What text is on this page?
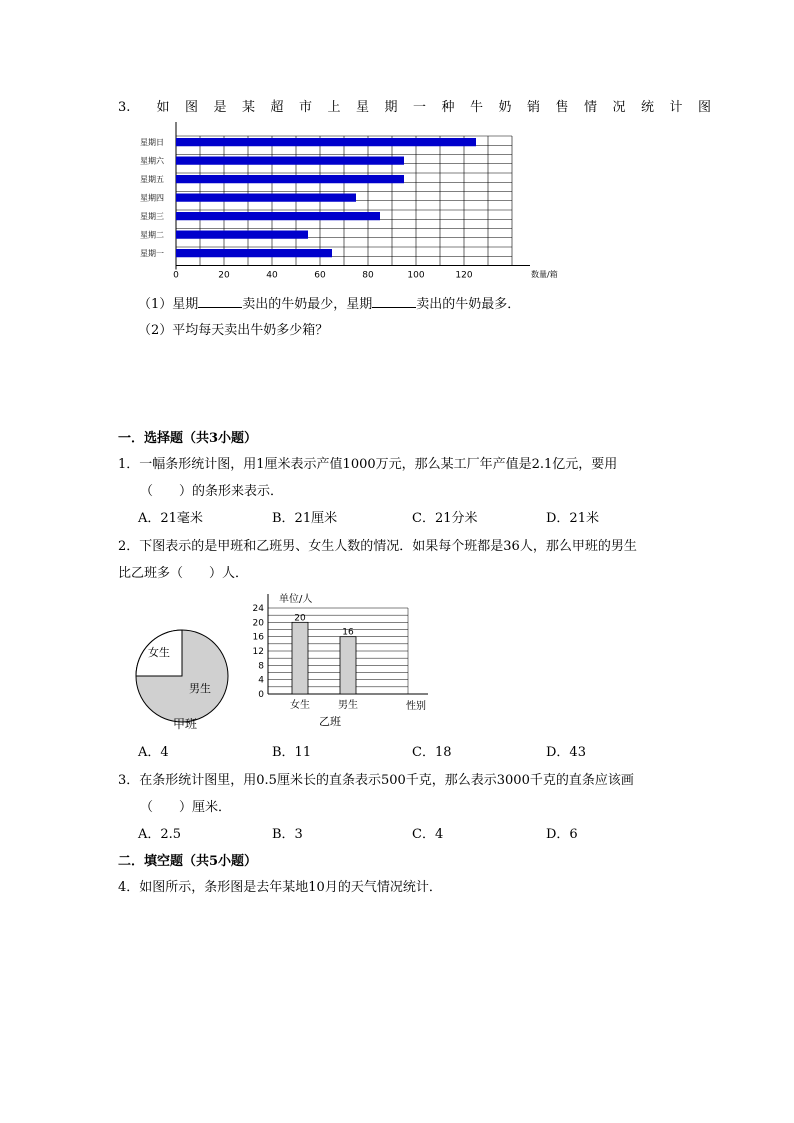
3. 如图是某超市上星期一种牛奶销售情况统计图
星期日
星期六
星期五
星期四
星期三
星期二
星期一
0	20	40	60	80	100	120	数量/箱
（1）星期	卖出的牛奶最少，星期	卖出的牛奶最多．
（2）平均每天卖出牛奶多少箱？
一．选择题（共3小题）
1．一幅条形统计图，用1厘米表示产值1000万元，那么某工厂年产值是2.1亿元，要用
（　　）的条形来表示．
A．21毫米	B．21厘米	C．21分米	D．21米
2．下图表示的是甲班和乙班男、女生人数的情况．如果每个班都是36人，那么甲班的男生
比乙班多（　　）人．
女生
男生
甲班
0
4
8
12
16
20
24
女生	男生
20
16
单位/人
性别
乙班
A．4	B．11	C．18	D．43
3．在条形统计图里，用0.5厘米长的直条表示500千克，那么表示3000千克的直条应该画
（　　）厘米．
A．2.5	B．3	C．4	D．6
二．填空题（共5小题）
4．如图所示，条形图是去年某地10月的天气情况统计．
